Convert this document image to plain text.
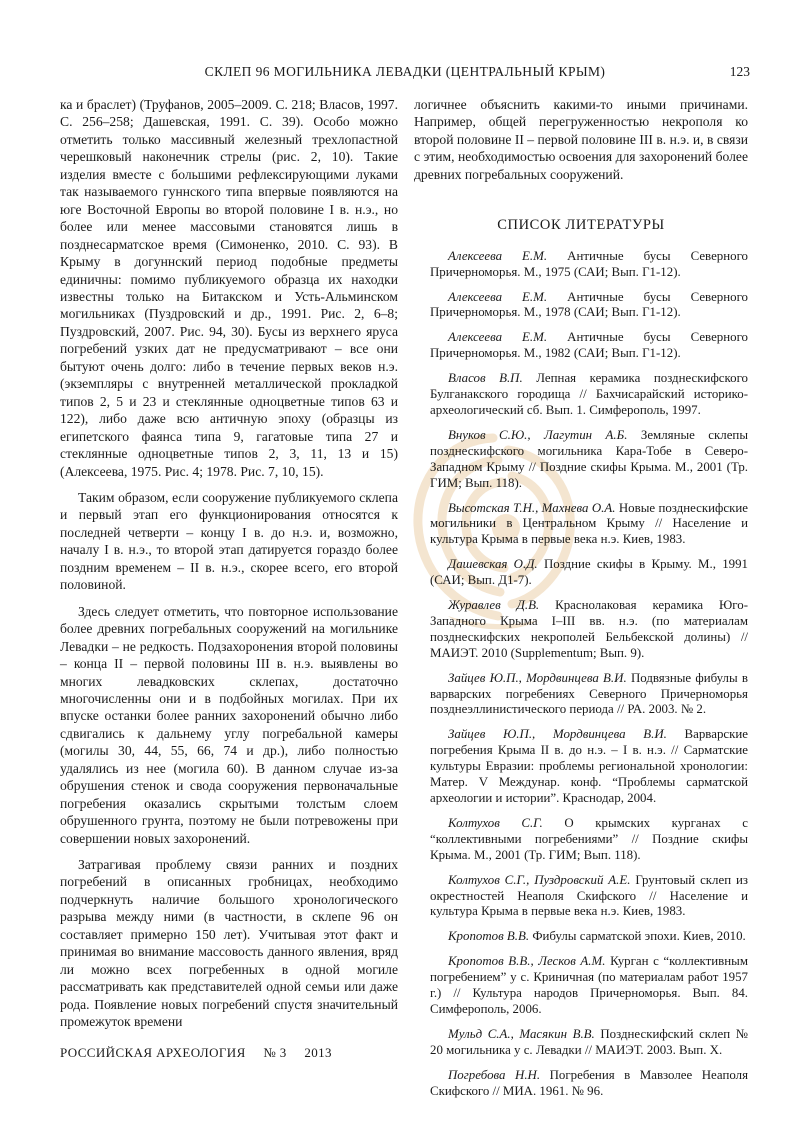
СКЛЕП 96 МОГИЛЬНИКА ЛЕВАДКИ (ЦЕНТРАЛЬНЫЙ КРЫМ)	123

ка и браслет) (Труфанов, 2005–2009. С. 218; Власов, 1997. С. 256–258; Дашевская, 1991. С. 39). Особо можно отметить только массивный железный трехлопастной черешковый наконечник стрелы (рис. 2, 10). Такие изделия вместе с большими рефлексирующими луками так называемого гуннского типа впервые появляются на юге Восточной Европы во второй половине I в. н.э., но более или менее массовыми становятся лишь в позднесарматское время (Симоненко, 2010. С. 93). В Крыму в догуннский период подобные предметы единичны: помимо публикуемого образца их находки известны только на Битакском и Усть-Альминском могильниках (Пуздровский и др., 1991. Рис. 2, 6–8; Пуздровский, 2007. Рис. 94, 30). Бусы из верхнего яруса погребений узких дат не предусматривают – все они бытуют очень долго: либо в течение первых веков н.э. (экземпляры с внутренней металлической прокладкой типов 2, 5 и 23 и стеклянные одноцветные типов 63 и 122), либо даже всю античную эпоху (образцы из египетского фаянса типа 9, гагатовые типа 27 и стеклянные одноцветные типов 2, 3, 11, 13 и 15) (Алексеева, 1975. Рис. 4; 1978. Рис. 7, 10, 15).

Таким образом, если сооружение публикуемого склепа и первый этап его функционирования относятся к последней четверти – концу I в. до н.э. и, возможно, началу I в. н.э., то второй этап датируется гораздо более поздним временем – II в. н.э., скорее всего, его второй половиной.

Здесь следует отметить, что повторное использование более древних погребальных сооружений на могильнике Левадки – не редкость. Подзахоронения второй половины – конца II – первой половины III в. н.э. выявлены во многих левадковских склепах, достаточно многочисленны они и в подбойных могилах. При их впуске останки более ранних захоронений обычно либо сдвигались к дальнему углу погребальной камеры (могилы 30, 44, 55, 66, 74 и др.), либо полностью удалялись из нее (могила 60). В данном случае из-за обрушения стенок и свода сооружения первоначальные погребения оказались скрытыми толстым слоем обрушенного грунта, поэтому не были потревожены при совершении новых захоронений.

Затрагивая проблему связи ранних и поздних погребений в описанных гробницах, необходимо подчеркнуть наличие большого хронологического разрыва между ними (в частности, в склепе 96 он составляет примерно 150 лет). Учитывая этот факт и принимая во внимание массовость данного явления, вряд ли можно всех погребенных в одной могиле рассматривать как представителей одной семьи или даже рода. Появление новых погребений спустя значительный промежуток времени

логичнее объяснить какими-то иными причинами. Например, общей перегруженностью некрополя ко второй половине II – первой половине III в. н.э. и, в связи с этим, необходимостью освоения для захоронений более древних погребальных сооружений.

СПИСОК ЛИТЕРАТУРЫ

Алексеева Е.М. Античные бусы Северного Причерноморья. М., 1975 (САИ; Вып. Г1-12).

Алексеева Е.М. Античные бусы Северного Причерноморья. М., 1978 (САИ; Вып. Г1-12).

Алексеева Е.М. Античные бусы Северного Причерноморья. М., 1982 (САИ; Вып. Г1-12).

Власов В.П. Лепная керамика позднескифского Булганакского городища // Бахчисарайский историко-археологический сб. Вып. 1. Симферополь, 1997.

Внуков С.Ю., Лагутин А.Б. Земляные склепы позднескифского могильника Кара-Тобе в Северо-Западном Крыму // Поздние скифы Крыма. М., 2001 (Тр. ГИМ; Вып. 118).

Высотская Т.Н., Махнева О.А. Новые позднескифские могильники в Центральном Крыму // Население и культура Крыма в первые века н.э. Киев, 1983.

Дашевская О.Д. Поздние скифы в Крыму. М., 1991 (САИ; Вып. Д1-7).

Журавлев Д.В. Краснолаковая керамика Юго-Западного Крыма I–III вв. н.э. (по материалам позднескифских некрополей Бельбекской долины) // МАИЭТ. 2010 (Supplementum; Вып. 9).

Зайцев Ю.П., Мордвинцева В.И. Подвязные фибулы в варварских погребениях Северного Причерноморья позднеэллинистического периода // РА. 2003. № 2.

Зайцев Ю.П., Мордвинцева В.И. Варварские погребения Крыма II в. до н.э. – I в. н.э. // Сарматские культуры Евразии: проблемы региональной хронологии: Матер. V Междунар. конф. “Проблемы сарматской археологии и истории”. Краснодар, 2004.

Колтухов С.Г. О крымских курганах с “коллективными погребениями” // Поздние скифы Крыма. М., 2001 (Тр. ГИМ; Вып. 118).

Колтухов С.Г., Пуздровский А.Е. Грунтовый склеп из окрестностей Неаполя Скифского // Население и культура Крыма в первые века н.э. Киев, 1983.

Кропотов В.В. Фибулы сарматской эпохи. Киев, 2010.

Кропотов В.В., Лесков А.М. Курган с “коллективным погребением” у с. Криничная (по материалам работ 1957 г.) // Культура народов Причерноморья. Вып. 84. Симферополь, 2006.

Мульд С.А., Масякин В.В. Позднескифский склеп № 20 могильника у с. Левадки // МАИЭТ. 2003. Вып. X.

Погребова Н.Н. Погребения в Мавзолее Неаполя Скифского // МИА. 1961. № 96.

РОССИЙСКАЯ АРХЕОЛОГИЯ № 3 2013
